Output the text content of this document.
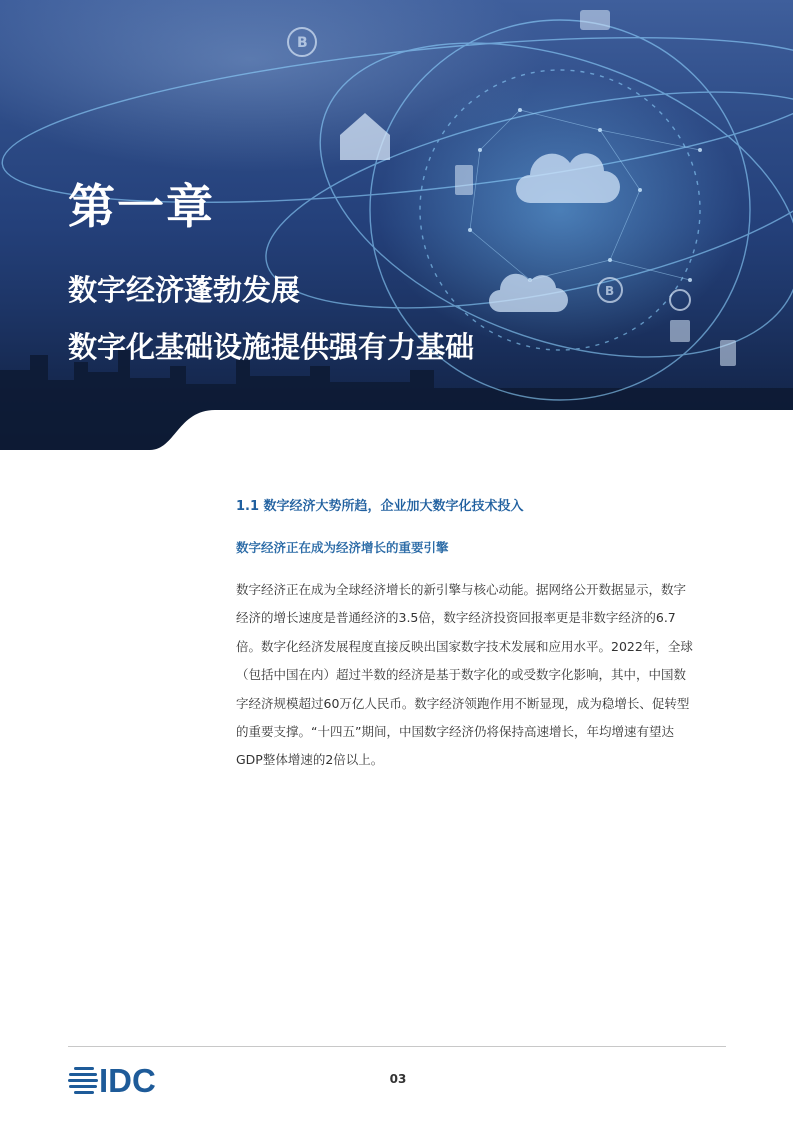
B
B
第一章
数字经济蓬勃发展
数字化基础设施提供强有力基础
1.1 数字经济大势所趋，企业加大数字化技术投入
数字经济正在成为经济增长的重要引擎
数字经济正在成为全球经济增长的新引擎与核心动能。据网络公开数据显示，数字
经济的增长速度是普通经济的3.5倍，数字经济投资回报率更是非数字经济的6.7
倍。数字化经济发展程度直接反映出国家数字技术发展和应用水平。2022年，全球
（包括中国在内）超过半数的经济是基于数字化的或受数字化影响，其中，中国数
字经济规模超过60万亿人民币。数字经济领跑作用不断显现，成为稳增长、促转型
的重要支撑。“十四五”期间，中国数字经济仍将保持高速增长，年均增速有望达
GDP整体增速的2倍以上。
IDC	03
